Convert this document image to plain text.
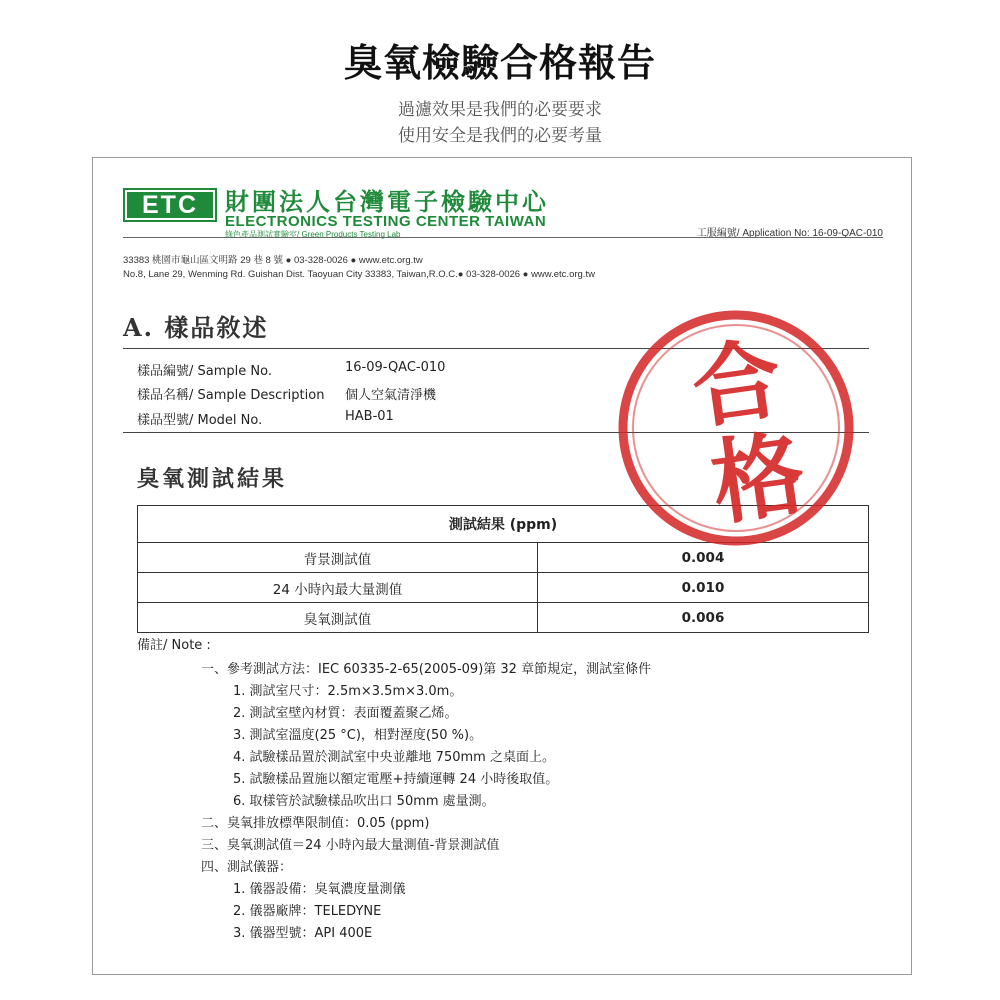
臭氧檢驗合格報告
過濾效果是我們的必要要求
使用安全是我們的必要考量
ETC	財團法人台灣電子檢驗中心
ELECTRONICS TESTING CENTER TAIWAN
綠色產品測試實驗室/ Green Products Testing Lab	工服編號/ Application No: 16-09-QAC-010
33383 桃園市龜山區文明路 29 巷 8 號 ● 03-328-0026 ● www.etc.org.tw
No.8, Lane 29, Wenming Rd. Guishan Dist. Taoyuan City 33383, Taiwan,R.O.C.● 03-328-0026 ● www.etc.org.tw
A. 樣品敘述
樣品編號/ Sample No.	16-09-QAC-010
樣品名稱/ Sample Description 個人空氣清淨機
樣品型號/ Model No.	HAB-01
臭氧測試結果
測試結果 (ppm)	
背景測試值	0.004
24 小時內最大量測值	0.010
臭氧測試值	0.006
備註/ Note :
一、參考測試方法：IEC 60335-2-65(2005-09)第 32 章節規定，測試室條件
1. 測試室尺寸：2.5m×3.5m×3.0m。
2. 測試室壁內材質：表面覆蓋聚乙烯。
3. 測試室溫度(25 °C)，相對溼度(50 %)。
4. 試驗樣品置於測試室中央並離地 750mm 之桌面上。
5. 試驗樣品置施以額定電壓+持續運轉 24 小時後取值。
6. 取樣管於試驗樣品吹出口 50mm 處量測。
二、臭氧排放標準限制值：0.05 (ppm)
三、臭氧測試值＝24 小時內最大量測值-背景測試值
四、測試儀器：
1. 儀器設備：臭氧濃度量測儀
2. 儀器廠牌：TELEDYNE
3. 儀器型號：API 400E
合
格
